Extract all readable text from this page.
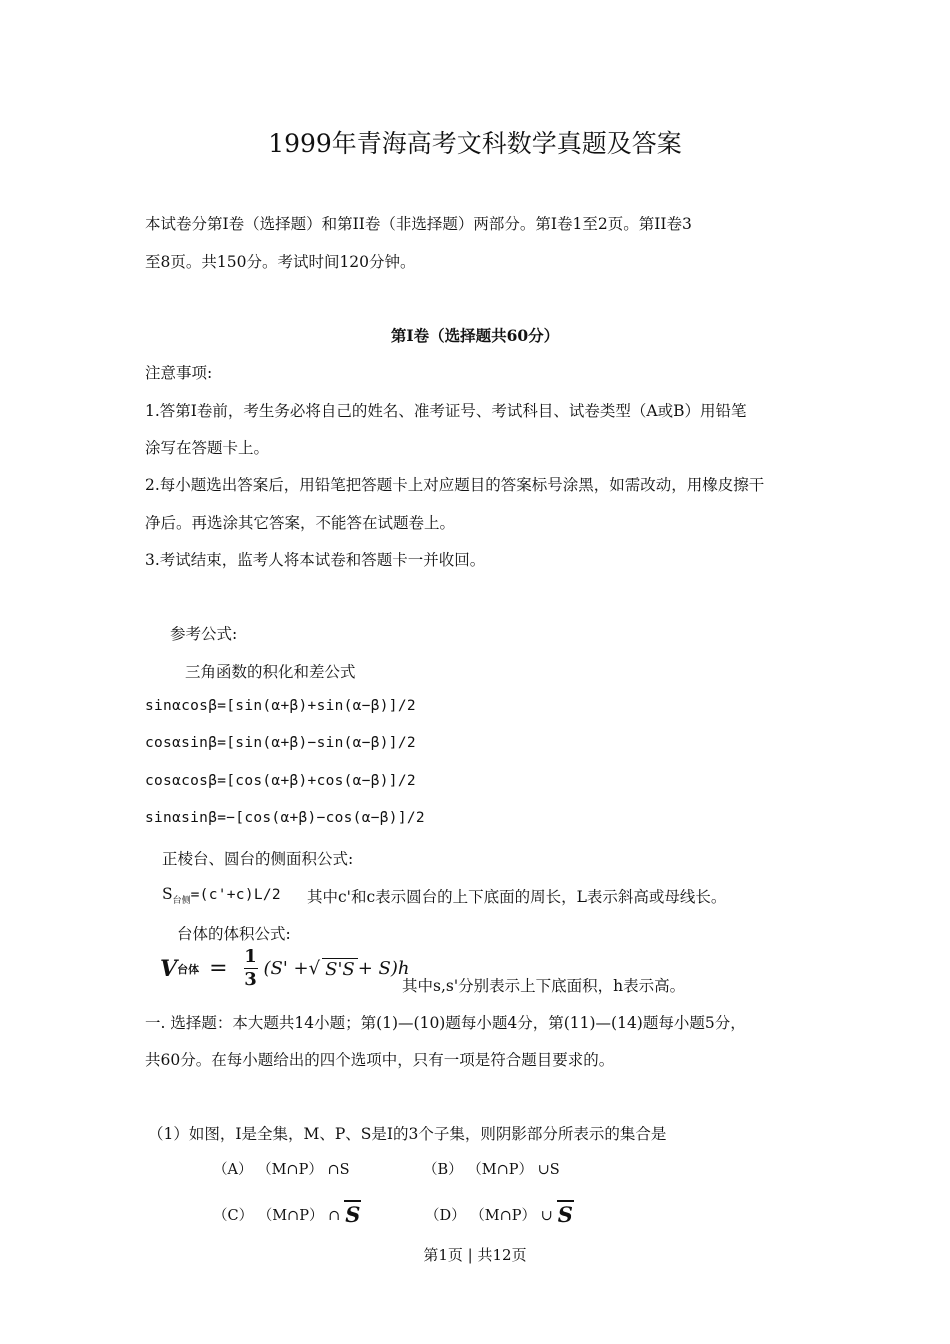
1999年青海高考文科数学真题及答案
本试卷分第Ⅰ卷（选择题）和第II卷（非选择题）两部分。第Ⅰ卷1至2页。第II卷3
至8页。共150分。考试时间120分钟。
第Ⅰ卷（选择题共60分）
注意事项:
1.答第Ⅰ卷前，考生务必将自己的姓名、准考证号、考试科目、试卷类型（A或B）用铅笔
涂写在答题卡上。
2.每小题选出答案后，用铅笔把答题卡上对应题目的答案标号涂黑，如需改动，用橡皮擦干
净后。再选涂其它答案，不能答在试题卷上。
3.考试结束，监考人将本试卷和答题卡一并收回。
参考公式:
三角函数的积化和差公式
sinαcosβ=[sin(α+β)+sin(α−β)]/2
cosαsinβ=[sin(α+β)−sin(α−β)]/2
cosαcosβ=[cos(α+β)+cos(α−β)]/2
sinαsinβ=−[cos(α+β)−cos(α−β)]/2
正棱台、圆台的侧面积公式:
$S_{台侧}=(c'+c)L/2$ 其中c'和c表示圆台的上下底面的周长，L表示斜高或母线长。
台体的体积公式:
V 台体 = $\frac{1}{3} (S'$ + √ S'S + S)h
其中s,s'分别表示上下底面积，h表示高。
一. 选择题：本大题共14小题；第(1)—(10)题每小题4分，第(11)—(14)题每小题5分，
共60分。在每小题给出的四个选项中，只有一项是符合题目要求的。
（1）如图，I是全集，M、P、S是I的3个子集，则阴影部分所表示的集合是
（A） （M∩P） ∩S	（B） （M∩P） ∪S
（C） （M∩P） ∩ S	（D） （M∩P） ∪ S
第1页 | 共12页
